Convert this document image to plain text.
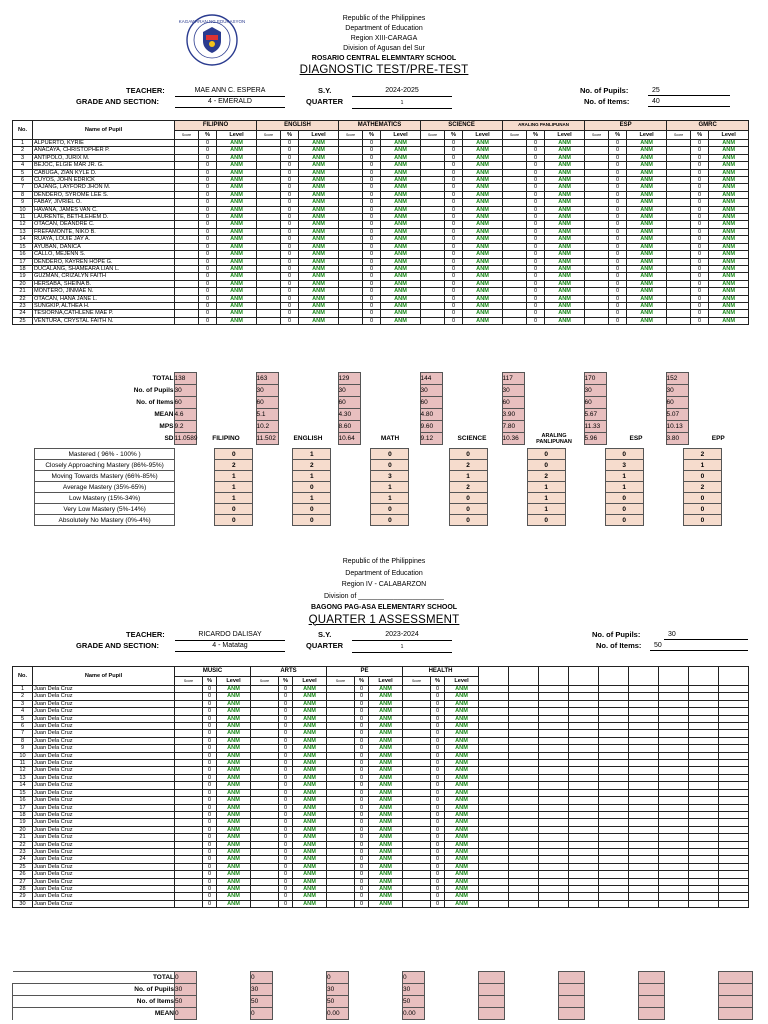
KAGAWARAN NG EDUKASYON	Republic of the Philippines
Department of Education
Region XIII-CARAGA
Division of Agusan del Sur
ROSARIO CENTRAL ELEMNTARY SCHOOL
DIAGNOSTIC TEST/PRE-TEST
TEACHER:	MAE ANN C. ESPERA
GRADE AND SECTION:	4 - EMERALD
S.Y.	2024-2025
QUARTER	1
No. of Pupils:	25
No. of Items:	40
No.	Name of Pupil	FILIPINO			ENGLISH			MATHEMATICS			SCIENCE			ARALING PANLIPUNAN			ESP			GMRC		
		Score	%	Level	Score	%	Level	Score	%	Level	Score	%	Level	Score	%	Level	Score	%	Level	Score	%	Level
1	ALPUERTO, KYRIE		0	ANM		0	ANM		0	ANM		0	ANM		0	ANM		0	ANM		0	ANM
2	ANACAYA, CHRISTOPHER P.		0	ANM		0	ANM		0	ANM		0	ANM		0	ANM		0	ANM		0	ANM
3	ANTIPOLO, JURIX M.		0	ANM		0	ANM		0	ANM		0	ANM		0	ANM		0	ANM		0	ANM
4	BEJOC, ELGIE MAR JR. G.		0	ANM		0	ANM		0	ANM		0	ANM		0	ANM		0	ANM		0	ANM
5	CABUGA, ZIAN KYLE D.		0	ANM		0	ANM		0	ANM		0	ANM		0	ANM		0	ANM		0	ANM
6	CUYOS, JOHN EDRICK		0	ANM		0	ANM		0	ANM		0	ANM		0	ANM		0	ANM		0	ANM
7	DAJANG, LAYFORD JHON M.		0	ANM		0	ANM		0	ANM		0	ANM		0	ANM		0	ANM		0	ANM
8	DENDERO, SYROME LEE S.		0	ANM		0	ANM		0	ANM		0	ANM		0	ANM		0	ANM		0	ANM
9	FABAY, JIVRIEL O.		0	ANM		0	ANM		0	ANM		0	ANM		0	ANM		0	ANM		0	ANM
10	HAVANA, JAMES VAN C.		0	ANM		0	ANM		0	ANM		0	ANM		0	ANM		0	ANM		0	ANM
11	LAURENTE, BETHLEHEM D.		0	ANM		0	ANM		0	ANM		0	ANM		0	ANM		0	ANM		0	ANM
12	OTACAN, DEANDRE C.		0	ANM		0	ANM		0	ANM		0	ANM		0	ANM		0	ANM		0	ANM
13	FREFAMONTE, NIKO B.		0	ANM		0	ANM		0	ANM		0	ANM		0	ANM		0	ANM		0	ANM
14	RUAYA, LOUIE JAY A.		0	ANM		0	ANM		0	ANM		0	ANM		0	ANM		0	ANM		0	ANM
15	AYUBAN, DANICA		0	ANM		0	ANM		0	ANM		0	ANM		0	ANM		0	ANM		0	ANM
16	CALLO, MEJENN S.		0	ANM		0	ANM		0	ANM		0	ANM		0	ANM		0	ANM		0	ANM
17	DENDERO, KAYREN HOPE G.		0	ANM		0	ANM		0	ANM		0	ANM		0	ANM		0	ANM		0	ANM
18	DUCALANG, SHAMEARA LIAN L.		0	ANM		0	ANM		0	ANM		0	ANM		0	ANM		0	ANM		0	ANM
19	GUZMAN, CRIZALYN FAITH		0	ANM		0	ANM		0	ANM		0	ANM		0	ANM		0	ANM		0	ANM
20	HERSABA, SHEINA B.		0	ANM		0	ANM		0	ANM		0	ANM		0	ANM		0	ANM		0	ANM
21	MONTERO, JINMAE N.		0	ANM		0	ANM		0	ANM		0	ANM		0	ANM		0	ANM		0	ANM
22	OTACAN, HANA JANE L.		0	ANM		0	ANM		0	ANM		0	ANM		0	ANM		0	ANM		0	ANM
23	SUNGKIP, ALTHEA H.		0	ANM		0	ANM		0	ANM		0	ANM		0	ANM		0	ANM		0	ANM
24	TESIORNA,CATHLENE MAE P.		0	ANM		0	ANM		0	ANM		0	ANM		0	ANM		0	ANM		0	ANM
25	VENTURA, CRYSTAL FAITH N.		0	ANM		0	ANM		0	ANM		0	ANM		0	ANM		0	ANM		0	ANM
TOTAL	138		163		129		144		117		170		152	
No. of Pupils	30		30		30		30		30		30		30	
No. of Items	60		60		60		60		60		60		60	
MEAN	4.6		5.1		4.30		4.80		3.90		5.67		5.07	
MPS	9.2		10.2		8.60		9.60		7.80		11.33		10.13	
SD	11.0589	FILIPINO	11.502	ENGLISH	10.64	MATH	9.12	SCIENCE	10.36	ARALING PANLIPUNAN	5.96	ESP	3.80	EPP
Mastered ( 96% - 100% )		0		1		0		0		0		0		2
Closely Approaching Mastery (86%-95%)		2		2		0		2		0		3		1
Moving Towards Mastery (66%-85%)		1		1		3		1		2		1		0
Average Mastery (35%-65%)		1		0		1		2		1		1		2
Low Mastery (15%-34%)		1		1		1		0		1		0		0
Very Low Mastery (5%-14%)		0		0		0		0		1		0		0
Absolutely No Mastery (0%-4%)		0		0		0		0		0		0		0
Republic of the Philippines
Department of Education
Region IV - CALABARZON
Division of ______________________
BAGONG PAG-ASA ELEMENTARY SCHOOL
QUARTER 1 ASSESSMENT
TEACHER:	RICARDO DALISAY
GRADE AND SECTION:	4 - Matatag
S.Y.	2023-2024
QUARTER	1
No. of Pupils:	30
No. of Items:	50
No.	Name of Pupil	MUSIC			ARTS			PE			HEALTH											
		Score	%	Level	Score	%	Level	Score	%	Level	Score	%	Level									
1	Juan Dela Cruz		0	ANM		0	ANM		0	ANM		0	ANM									
2	Juan Dela Cruz		0	ANM		0	ANM		0	ANM		0	ANM									
3	Juan Dela Cruz		0	ANM		0	ANM		0	ANM		0	ANM									
4	Juan Dela Cruz		0	ANM		0	ANM		0	ANM		0	ANM									
5	Juan Dela Cruz		0	ANM		0	ANM		0	ANM		0	ANM									
6	Juan Dela Cruz		0	ANM		0	ANM		0	ANM		0	ANM									
7	Juan Dela Cruz		0	ANM		0	ANM		0	ANM		0	ANM									
8	Juan Dela Cruz		0	ANM		0	ANM		0	ANM		0	ANM									
9	Juan Dela Cruz		0	ANM		0	ANM		0	ANM		0	ANM									
10	Juan Dela Cruz		0	ANM		0	ANM		0	ANM		0	ANM									
11	Juan Dela Cruz		0	ANM		0	ANM		0	ANM		0	ANM									
12	Juan Dela Cruz		0	ANM		0	ANM		0	ANM		0	ANM									
13	Juan Dela Cruz		0	ANM		0	ANM		0	ANM		0	ANM									
14	Juan Dela Cruz		0	ANM		0	ANM		0	ANM		0	ANM									
15	Juan Dela Cruz		0	ANM		0	ANM		0	ANM		0	ANM									
16	Juan Dela Cruz		0	ANM		0	ANM		0	ANM		0	ANM									
17	Juan Dela Cruz		0	ANM		0	ANM		0	ANM		0	ANM									
18	Juan Dela Cruz		0	ANM		0	ANM		0	ANM		0	ANM									
19	Juan Dela Cruz		0	ANM		0	ANM		0	ANM		0	ANM									
20	Juan Dela Cruz		0	ANM		0	ANM		0	ANM		0	ANM									
21	Juan Dela Cruz		0	ANM		0	ANM		0	ANM		0	ANM									
22	Juan Dela Cruz		0	ANM		0	ANM		0	ANM		0	ANM									
23	Juan Dela Cruz		0	ANM		0	ANM		0	ANM		0	ANM									
24	Juan Dela Cruz		0	ANM		0	ANM		0	ANM		0	ANM									
25	Juan Dela Cruz		0	ANM		0	ANM		0	ANM		0	ANM									
26	Juan Dela Cruz		0	ANM		0	ANM		0	ANM		0	ANM									
27	Juan Dela Cruz		0	ANM		0	ANM		0	ANM		0	ANM									
28	Juan Dela Cruz		0	ANM		0	ANM		0	ANM		0	ANM									
29	Juan Dela Cruz		0	ANM		0	ANM		0	ANM		0	ANM									
30	Juan Dela Cruz		0	ANM		0	ANM		0	ANM		0	ANM									
TOTAL	0		0		0		0								
No. of Pupils	30		30		30		30								
No. of Items	50		50		50		50								
MEAN	0		0		0.00		0.00								
